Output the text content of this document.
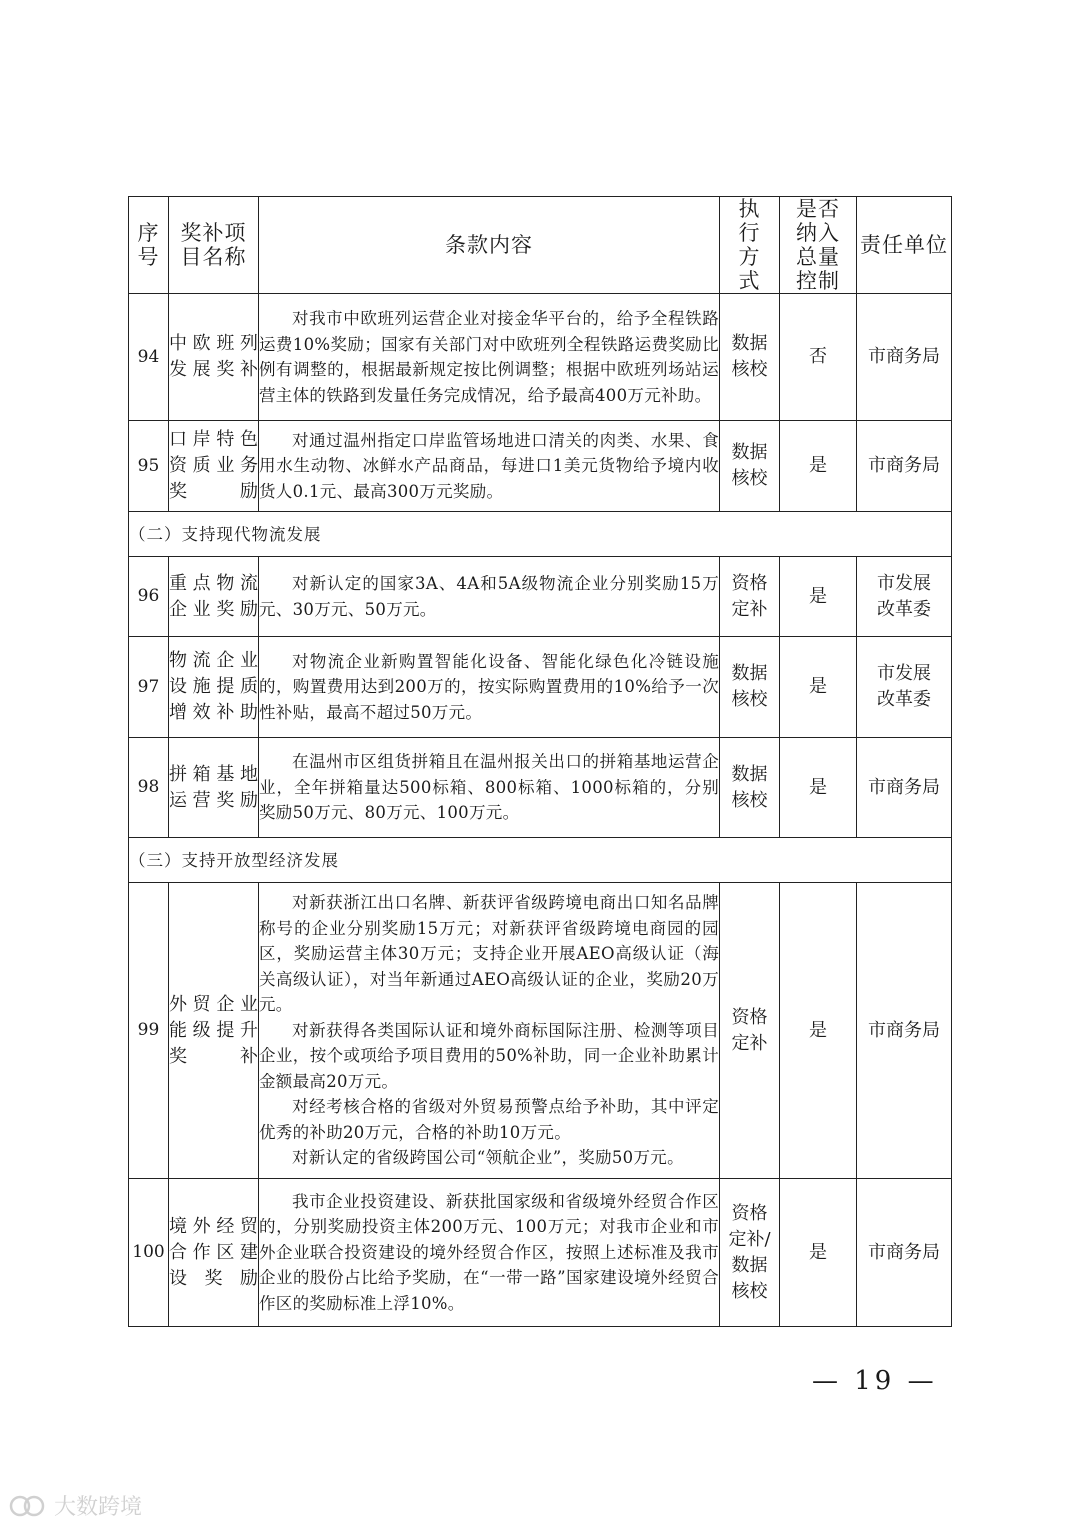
序号	奖补项目名称	条款内容	执行方式	是否纳入总量控制	责任单位

94	中欧班列发展奖补	对我市中欧班列运营企业对接金华平台的，给予全程铁路运费10%奖励；国家有关部门对中欧班列全程铁路运费奖励比例有调整的，根据最新规定按比例调整；根据中欧班列场站运营主体的铁路到发量任务完成情况，给予最高400万元补助。	数据核校	否	市商务局
95	口岸特色资质业务奖励	对通过温州指定口岸监管场地进口清关的肉类、水果、食用水生动物、冰鲜水产品商品，每进口1美元货物给予境内收货人0.1元、最高300万元奖励。	数据核校	是	市商务局
（二）支持现代物流发展					
96	重点物流企业奖励	对新认定的国家3A、4A和5A级物流企业分别奖励15万元、30万元、50万元。	资格定补	是	市发展改革委
97	物流企业设施提质增效补助	对物流企业新购置智能化设备、智能化绿色化冷链设施的，购置费用达到200万的，按实际购置费用的10%给予一次性补贴，最高不超过50万元。	数据核校	是	市发展改革委
98	拼箱基地运营奖励	在温州市区组货拼箱且在温州报关出口的拼箱基地运营企业，全年拼箱量达500标箱、800标箱、1000标箱的，分别奖励50万元、80万元、100万元。	数据核校	是	市商务局
（三）支持开放型经济发展					
99	外贸企业能级提升奖补	对新获浙江出口名牌、新获评省级跨境电商出口知名品牌称号的企业分别奖励15万元；对新获评省级跨境电商园的园区，奖励运营主体30万元；支持企业开展AEO高级认证（海关高级认证），对当年新通过AEO高级认证的企业，奖励20万元。

对新获得各类国际认证和境外商标国际注册、检测等项目企业，按个或项给予项目费用的50%补助，同一企业补助累计金额最高20万元。

对经考核合格的省级对外贸易预警点给予补助，其中评定优秀的补助20万元，合格的补助10万元。

对新认定的省级跨国公司“领航企业”，奖励50万元。	资格定补	是	市商务局
100	境外经贸合作区建设奖励	我市企业投资建设、新获批国家级和省级境外经贸合作区的，分别奖励投资主体200万元、100万元；对我市企业和市外企业联合投资建设的境外经贸合作区，按照上述标准及我市企业的股份占比给予奖励，在“一带一路”国家建设境外经贸合作区的奖励标准上浮10%。	资格定补/数据核校	是	市商务局
— 19 —
大数跨境
